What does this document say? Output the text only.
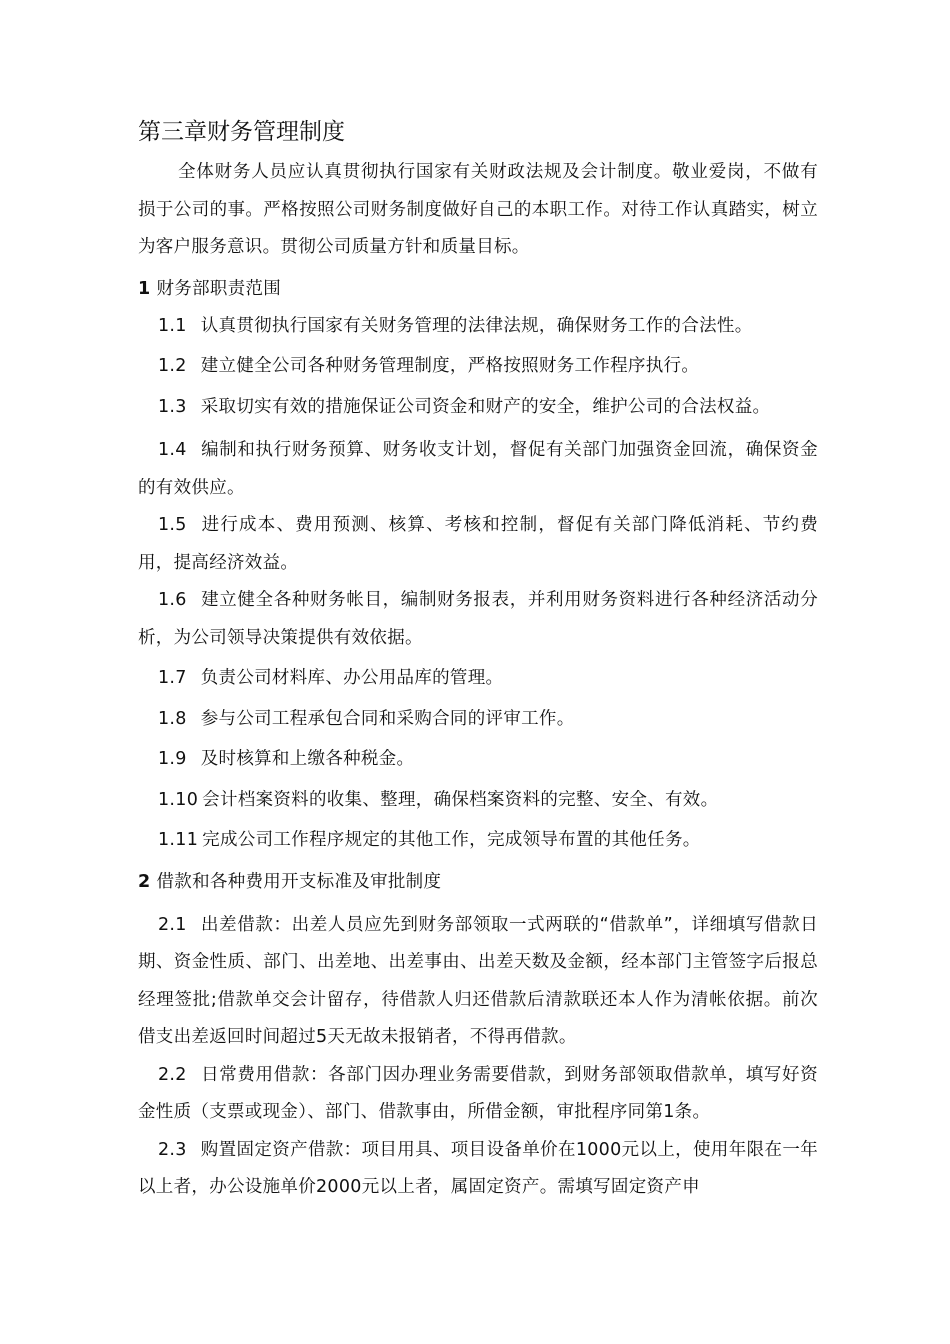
第三章财务管理制度

全体财务人员应认真贯彻执行国家有关财政法规及会计制度。敬业爱岗，不做有损于公司的事。严格按照公司财务制度做好自己的本职工作。对待工作认真踏实，树立为客户服务意识。贯彻公司质量方针和质量目标。

1 财务部职责范围

1.1 认真贯彻执行国家有关财务管理的法律法规，确保财务工作的合法性。

1.2 建立健全公司各种财务管理制度，严格按照财务工作程序执行。

1.3 采取切实有效的措施保证公司资金和财产的安全，维护公司的合法权益。

1.4 编制和执行财务预算、财务收支计划，督促有关部门加强资金回流，确保资金的有效供应。

1.5 进行成本、费用预测、核算、考核和控制，督促有关部门降低消耗、节约费用，提高经济效益。

1.6 建立健全各种财务帐目，编制财务报表，并利用财务资料进行各种经济活动分析，为公司领导决策提供有效依据。

1.7 负责公司材料库、办公用品库的管理。

1.8 参与公司工程承包合同和采购合同的评审工作。

1.9 及时核算和上缴各种税金。

1.10 会计档案资料的收集、整理，确保档案资料的完整、安全、有效。

1.11 完成公司工作程序规定的其他工作，完成领导布置的其他任务。

2 借款和各种费用开支标准及审批制度

2.1 出差借款：出差人员应先到财务部领取一式两联的“借款单”，详细填写借款日期、资金性质、部门、出差地、出差事由、出差天数及金额，经本部门主管签字后报总经理签批;借款单交会计留存，待借款人归还借款后清款联还本人作为清帐依据。前次借支出差返回时间超过5天无故未报销者，不得再借款。

2.2 日常费用借款：各部门因办理业务需要借款，到财务部领取借款单，填写好资金性质（支票或现金）、部门、借款事由，所借金额，审批程序同第1条。

2.3 购置固定资产借款：项目用具、项目设备单价在1000元以上，使用年限在一年以上者，办公设施单价2000元以上者，属固定资产。需填写固定资产申
